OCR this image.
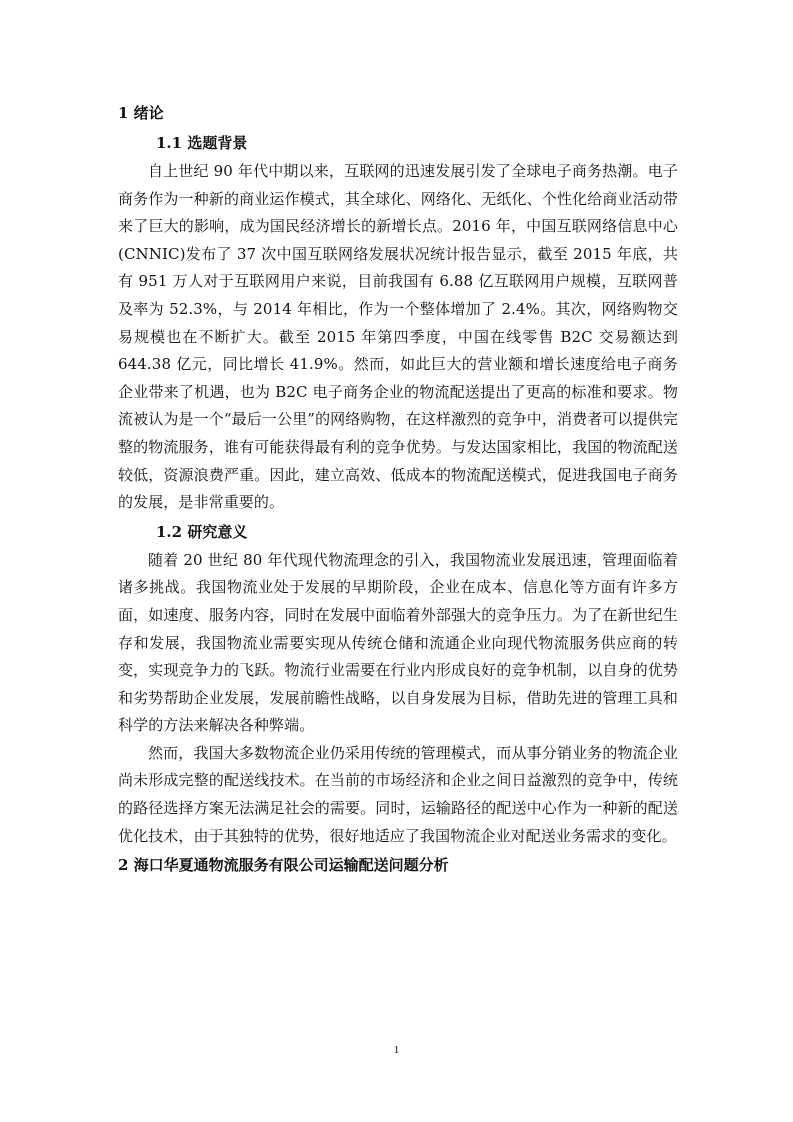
1 绪论

1.1 选题背景

自上世纪 90 年代中期以来，互联网的迅速发展引发了全球电子商务热潮。电子商务作为一种新的商业运作模式，其全球化、网络化、无纸化、个性化给商业活动带来了巨大的影响，成为国民经济增长的新增长点。2016 年，中国互联网络信息中心(CNNIC)发布了 37 次中国互联网络发展状况统计报告显示，截至 2015 年底，共有 951 万人对于互联网用户来说，目前我国有 6.88 亿互联网用户规模，互联网普及率为 52.3%，与 2014 年相比，作为一个整体增加了 2.4%。其次，网络购物交易规模也在不断扩大。截至 2015 年第四季度，中国在线零售 B2C 交易额达到 644.38 亿元，同比增长 41.9%。然而，如此巨大的营业额和增长速度给电子商务企业带来了机遇，也为 B2C 电子商务企业的物流配送提出了更高的标准和要求。物流被认为是一个“最后一公里”的网络购物，在这样激烈的竞争中，消费者可以提供完整的物流服务，谁有可能获得最有利的竞争优势。与发达国家相比，我国的物流配送较低，资源浪费严重。因此，建立高效、低成本的物流配送模式，促进我国电子商务的发展，是非常重要的。

1.2 研究意义

随着 20 世纪 80 年代现代物流理念的引入，我国物流业发展迅速，管理面临着诸多挑战。我国物流业处于发展的早期阶段，企业在成本、信息化等方面有许多方面，如速度、服务内容，同时在发展中面临着外部强大的竞争压力。为了在新世纪生存和发展，我国物流业需要实现从传统仓储和流通企业向现代物流服务供应商的转变，实现竞争力的飞跃。物流行业需要在行业内形成良好的竞争机制，以自身的优势和劣势帮助企业发展，发展前瞻性战略，以自身发展为目标，借助先进的管理工具和科学的方法来解决各种弊端。

然而，我国大多数物流企业仍采用传统的管理模式，而从事分销业务的物流企业尚未形成完整的配送线技术。在当前的市场经济和企业之间日益激烈的竞争中，传统的路径选择方案无法满足社会的需要。同时，运输路径的配送中心作为一种新的配送优化技术，由于其独特的优势，很好地适应了我国物流企业对配送业务需求的变化。

2 海口华夏通物流服务有限公司运输配送问题分析

1
